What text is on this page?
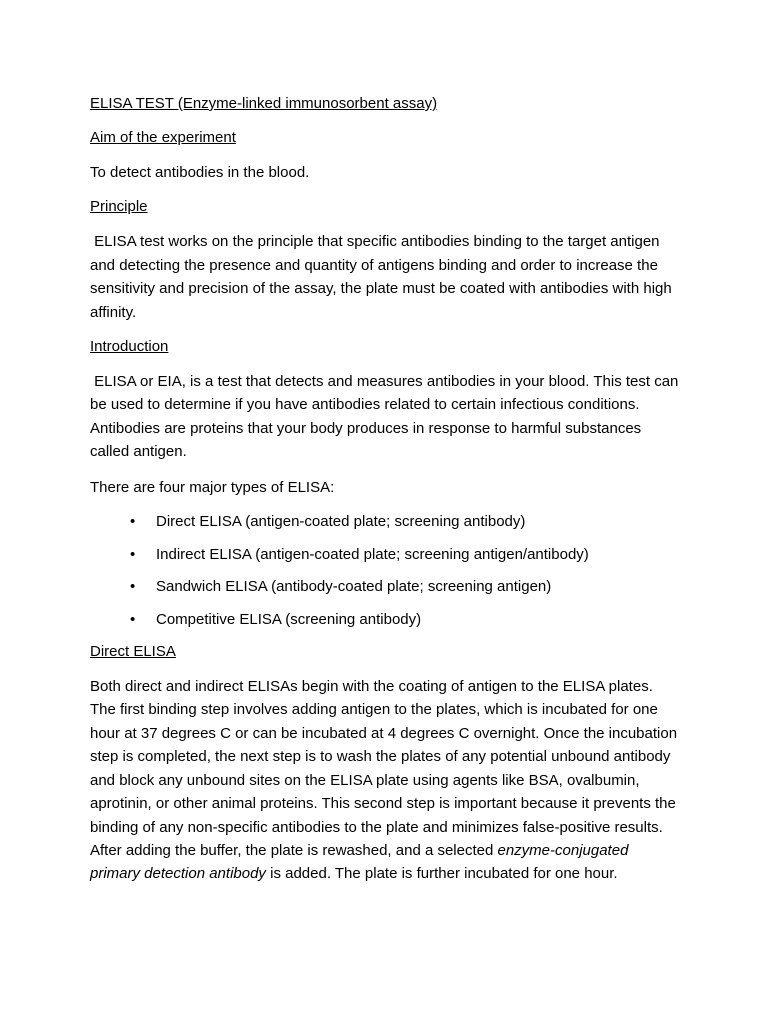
ELISA TEST (Enzyme-linked immunosorbent assay)
Aim of the experiment
To detect antibodies in the blood.
Principle
ELISA test works on the principle that specific antibodies binding to the target antigen and detecting the presence and quantity of antigens binding and order to increase the sensitivity and precision of the assay, the plate must be coated with antibodies with high affinity.
Introduction
ELISA or EIA, is a test that detects and measures antibodies in your blood. This test can be used to determine if you have antibodies related to certain infectious conditions. Antibodies are proteins that your body produces in response to harmful substances called antigen.
There are four major types of ELISA:
• Direct ELISA (antigen-coated plate; screening antibody)
• Indirect ELISA (antigen-coated plate; screening antigen/antibody)
• Sandwich ELISA (antibody-coated plate; screening antigen)
• Competitive ELISA (screening antibody)
Direct ELISA
Both direct and indirect ELISAs begin with the coating of antigen to the ELISA plates. The first binding step involves adding antigen to the plates, which is incubated for one hour at 37 degrees C or can be incubated at 4 degrees C overnight. Once the incubation step is completed, the next step is to wash the plates of any potential unbound antibody and block any unbound sites on the ELISA plate using agents like BSA, ovalbumin, aprotinin, or other animal proteins. This second step is important because it prevents the binding of any non-specific antibodies to the plate and minimizes false-positive results. After adding the buffer, the plate is rewashed, and a selected enzyme-conjugated primary detection antibody is added. The plate is further incubated for one hour.
